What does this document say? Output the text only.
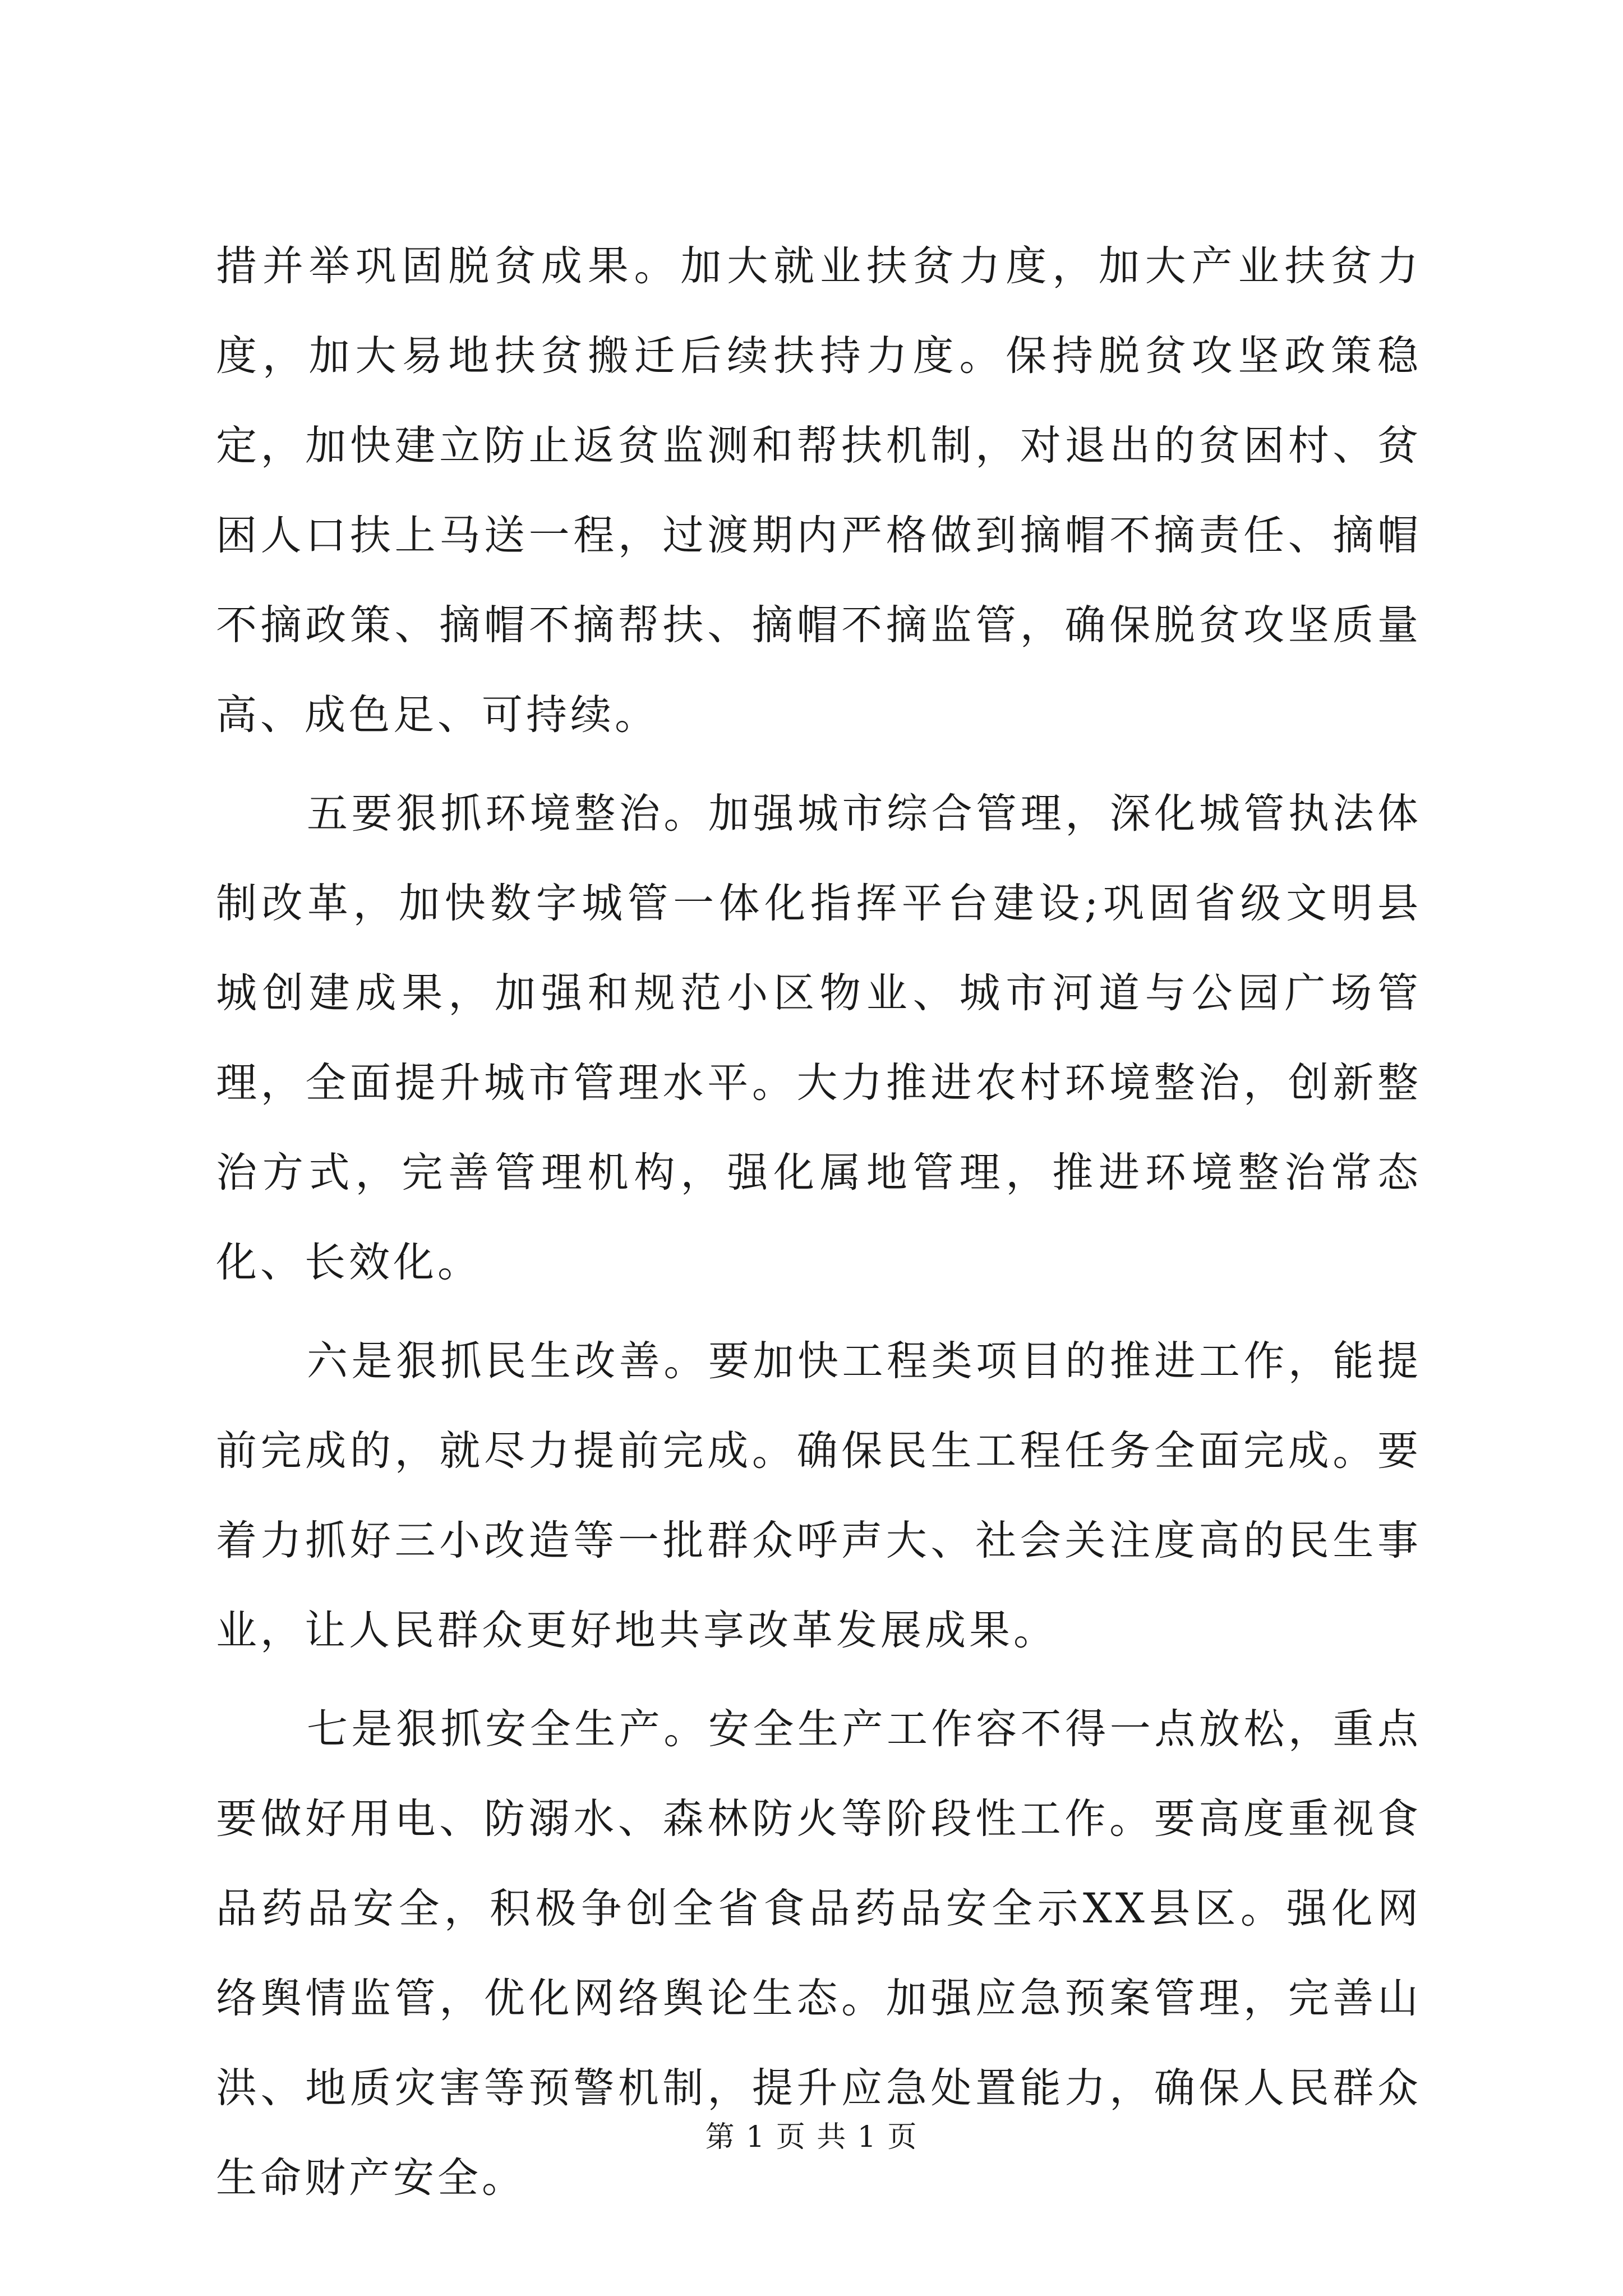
措并举巩固脱贫成果。加大就业扶贫力度，加大产业扶贫力度，加大易地扶贫搬迁后续扶持力度。保持脱贫攻坚政策稳定，加快建立防止返贫监测和帮扶机制，对退出的贫困村、贫困人口扶上马送一程，过渡期内严格做到摘帽不摘责任、摘帽不摘政策、摘帽不摘帮扶、摘帽不摘监管，确保脱贫攻坚质量高、成色足、可持续。

五要狠抓环境整治。加强城市综合管理，深化城管执法体制改革，加快数字城管一体化指挥平台建设;巩固省级文明县城创建成果，加强和规范小区物业、城市河道与公园广场管理，全面提升城市管理水平。大力推进农村环境整治，创新整治方式，完善管理机构，强化属地管理，推进环境整治常态化、长效化。

六是狠抓民生改善。要加快工程类项目的推进工作，能提前完成的，就尽力提前完成。确保民生工程任务全面完成。要着力抓好三小改造等一批群众呼声大、社会关注度高的民生事业，让人民群众更好地共享改革发展成果。

七是狠抓安全生产。安全生产工作容不得一点放松，重点要做好用电、防溺水、森林防火等阶段性工作。要高度重视食品药品安全，积极争创全省食品药品安全示XX县区。强化网络舆情监管，优化网络舆论生态。加强应急预案管理，完善山洪、地质灾害等预警机制，提升应急处置能力，确保人民群众生命财产安全。

第 1 页 共 1 页
